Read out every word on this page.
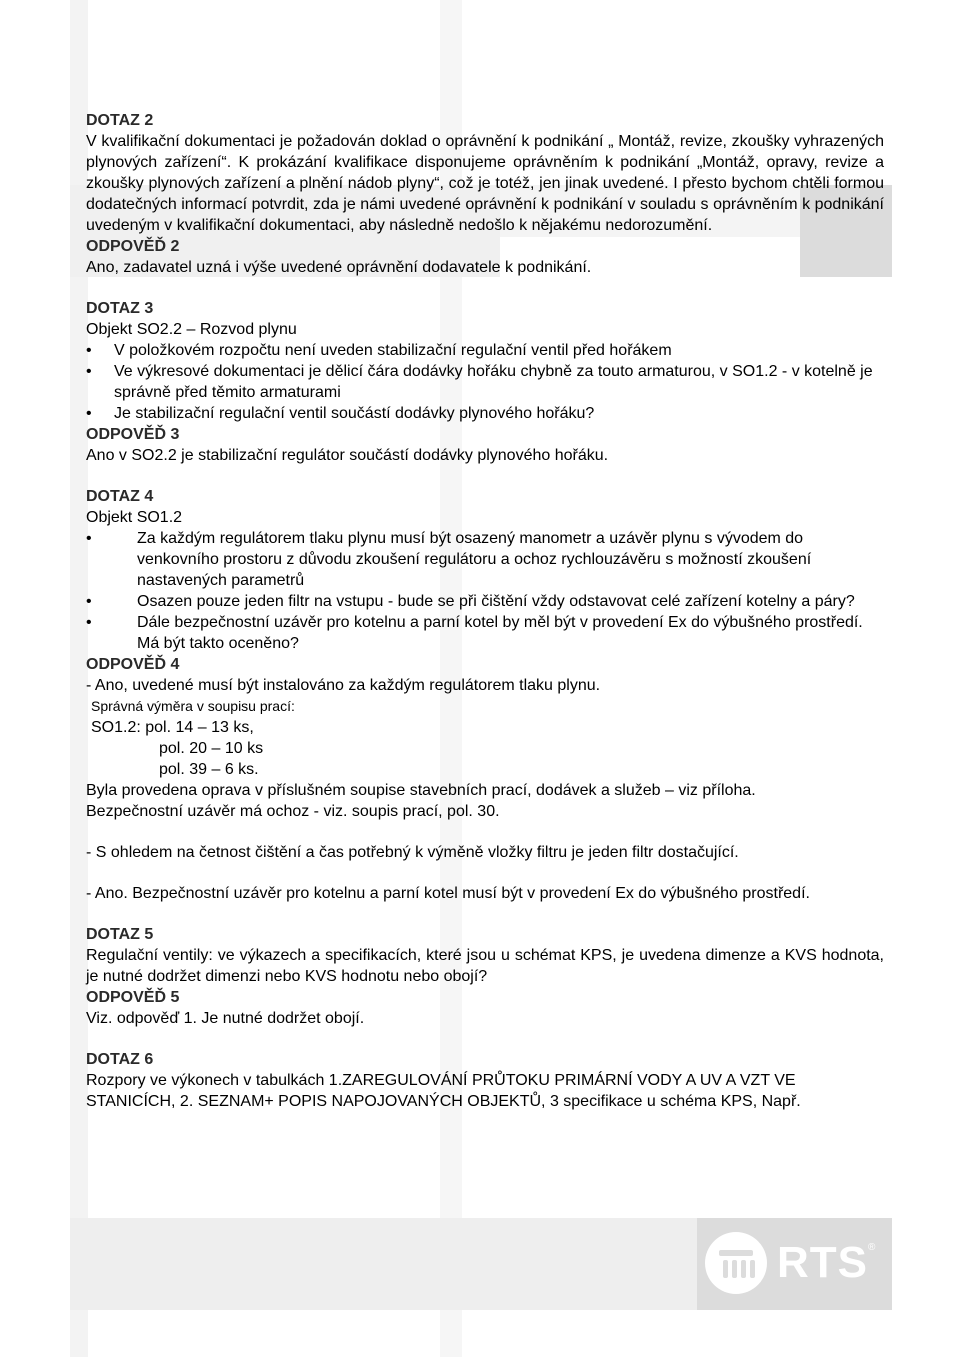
RTS ®

DOTAZ 2

V kvalifikační dokumentaci je požadován doklad o oprávnění k podnikání „ Montáž, revize, zkoušky vyhrazených plynových zařízení“. K prokázání kvalifikace disponujeme oprávněním k podnikání „Montáž, opravy, revize a zkoušky plynových zařízení a plnění nádob plyny“, což je totéž, jen jinak uvedené. I přesto bychom chtěli formou dodatečných informací potvrdit, zda je námi uvedené oprávnění k podnikání v souladu s oprávněním k podnikání uvedeným v kvalifikační dokumentaci, aby následně nedošlo k nějakému nedorozumění.

ODPOVĚĎ 2

Ano, zadavatel uzná i výše uvedené oprávnění dodavatele k podnikání.

DOTAZ 3

Objekt SO2.2 – Rozvod plynu

• V položkovém rozpočtu není uveden stabilizační regulační ventil před hořákem
• Ve výkresové dokumentaci je dělicí čára dodávky hořáku chybně za touto armaturou, v SO1.2 - v kotelně je správně před těmito armaturami
• Je stabilizační regulační ventil součástí dodávky plynového hořáku?

ODPOVĚĎ 3

Ano v SO2.2 je stabilizační regulátor součástí dodávky plynového hořáku.

DOTAZ 4

Objekt SO1.2

• Za každým regulátorem tlaku plynu musí být osazený manometr a uzávěr plynu s vývodem do venkovního prostoru z důvodu zkoušení regulátoru a ochoz rychlouzávěru s možností zkoušení nastavených parametrů
• Osazen pouze jeden filtr na vstupu - bude se při čištění vždy odstavovat celé zařízení kotelny a páry?
• Dále bezpečnostní uzávěr pro kotelnu a parní kotel by měl být v provedení Ex do výbušného prostředí. Má být takto oceněno?

ODPOVĚĎ 4

- Ano, uvedené musí být instalováno za každým regulátorem tlaku plynu.

Správná výměra v soupisu prací:

SO1.2: pol. 14 – 13 ks,

pol. 20 – 10 ks

pol. 39 – 6 ks.

Byla provedena oprava v příslušném soupise stavebních prací, dodávek a služeb – viz příloha.

Bezpečnostní uzávěr má ochoz - viz. soupis prací, pol. 30.

- S ohledem na četnost čištění a čas potřebný k výměně vložky filtru je jeden filtr dostačující.

- Ano. Bezpečnostní uzávěr pro kotelnu a parní kotel musí být v provedení Ex do výbušného prostředí.

DOTAZ 5

Regulační ventily: ve výkazech a specifikacích, které jsou u schémat KPS, je uvedena dimenze a KVS hodnota, je nutné dodržet dimenzi nebo KVS hodnotu nebo obojí?

ODPOVĚĎ 5

Viz. odpověď 1. Je nutné dodržet obojí.

DOTAZ 6

Rozpory ve výkonech v tabulkách 1.ZAREGULOVÁNÍ PRŮTOKU PRIMÁRNÍ VODY A UV A VZT VE STANICÍCH, 2. SEZNAM+ POPIS NAPOJOVANÝCH OBJEKTŮ, 3 specifikace u schéma KPS, Např.
